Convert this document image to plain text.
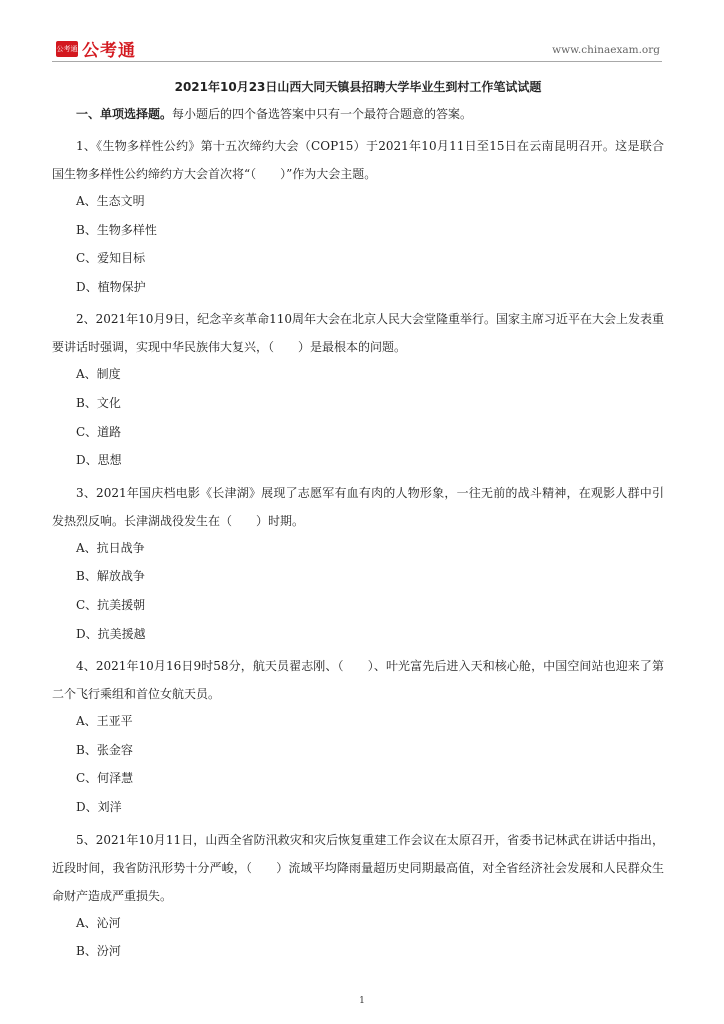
公考通 公考通	www.chinaexam.org
2021年10月23日山西大同天镇县招聘大学毕业生到村工作笔试试题
一、单项选择题。每小题后的四个备选答案中只有一个最符合题意的答案。

1、《生物多样性公约》第十五次缔约大会（COP15）于2021年10月11日至15日在云南昆明召开。这是联合国生物多样性公约缔约方大会首次将“（　　）”作为大会主题。

A、生态文明
B、生物多样性
C、爱知目标
D、植物保护

2、2021年10月9日，纪念辛亥革命110周年大会在北京人民大会堂隆重举行。国家主席习近平在大会上发表重要讲话时强调，实现中华民族伟大复兴，（　　）是最根本的问题。

A、制度
B、文化
C、道路
D、思想

3、2021年国庆档电影《长津湖》展现了志愿军有血有肉的人物形象，一往无前的战斗精神，在观影人群中引发热烈反响。长津湖战役发生在（　　）时期。

A、抗日战争
B、解放战争
C、抗美援朝
D、抗美援越

4、2021年10月16日9时58分，航天员翟志刚、（　　）、叶光富先后进入天和核心舱，中国空间站也迎来了第二个飞行乘组和首位女航天员。

A、王亚平
B、张金容
C、何泽慧
D、刘洋

5、2021年10月11日，山西全省防汛救灾和灾后恢复重建工作会议在太原召开，省委书记林武在讲话中指出，近段时间，我省防汛形势十分严峻，（　　）流域平均降雨量超历史同期最高值，对全省经济社会发展和人民群众生命财产造成严重损失。

A、沁河
B、汾河
1
